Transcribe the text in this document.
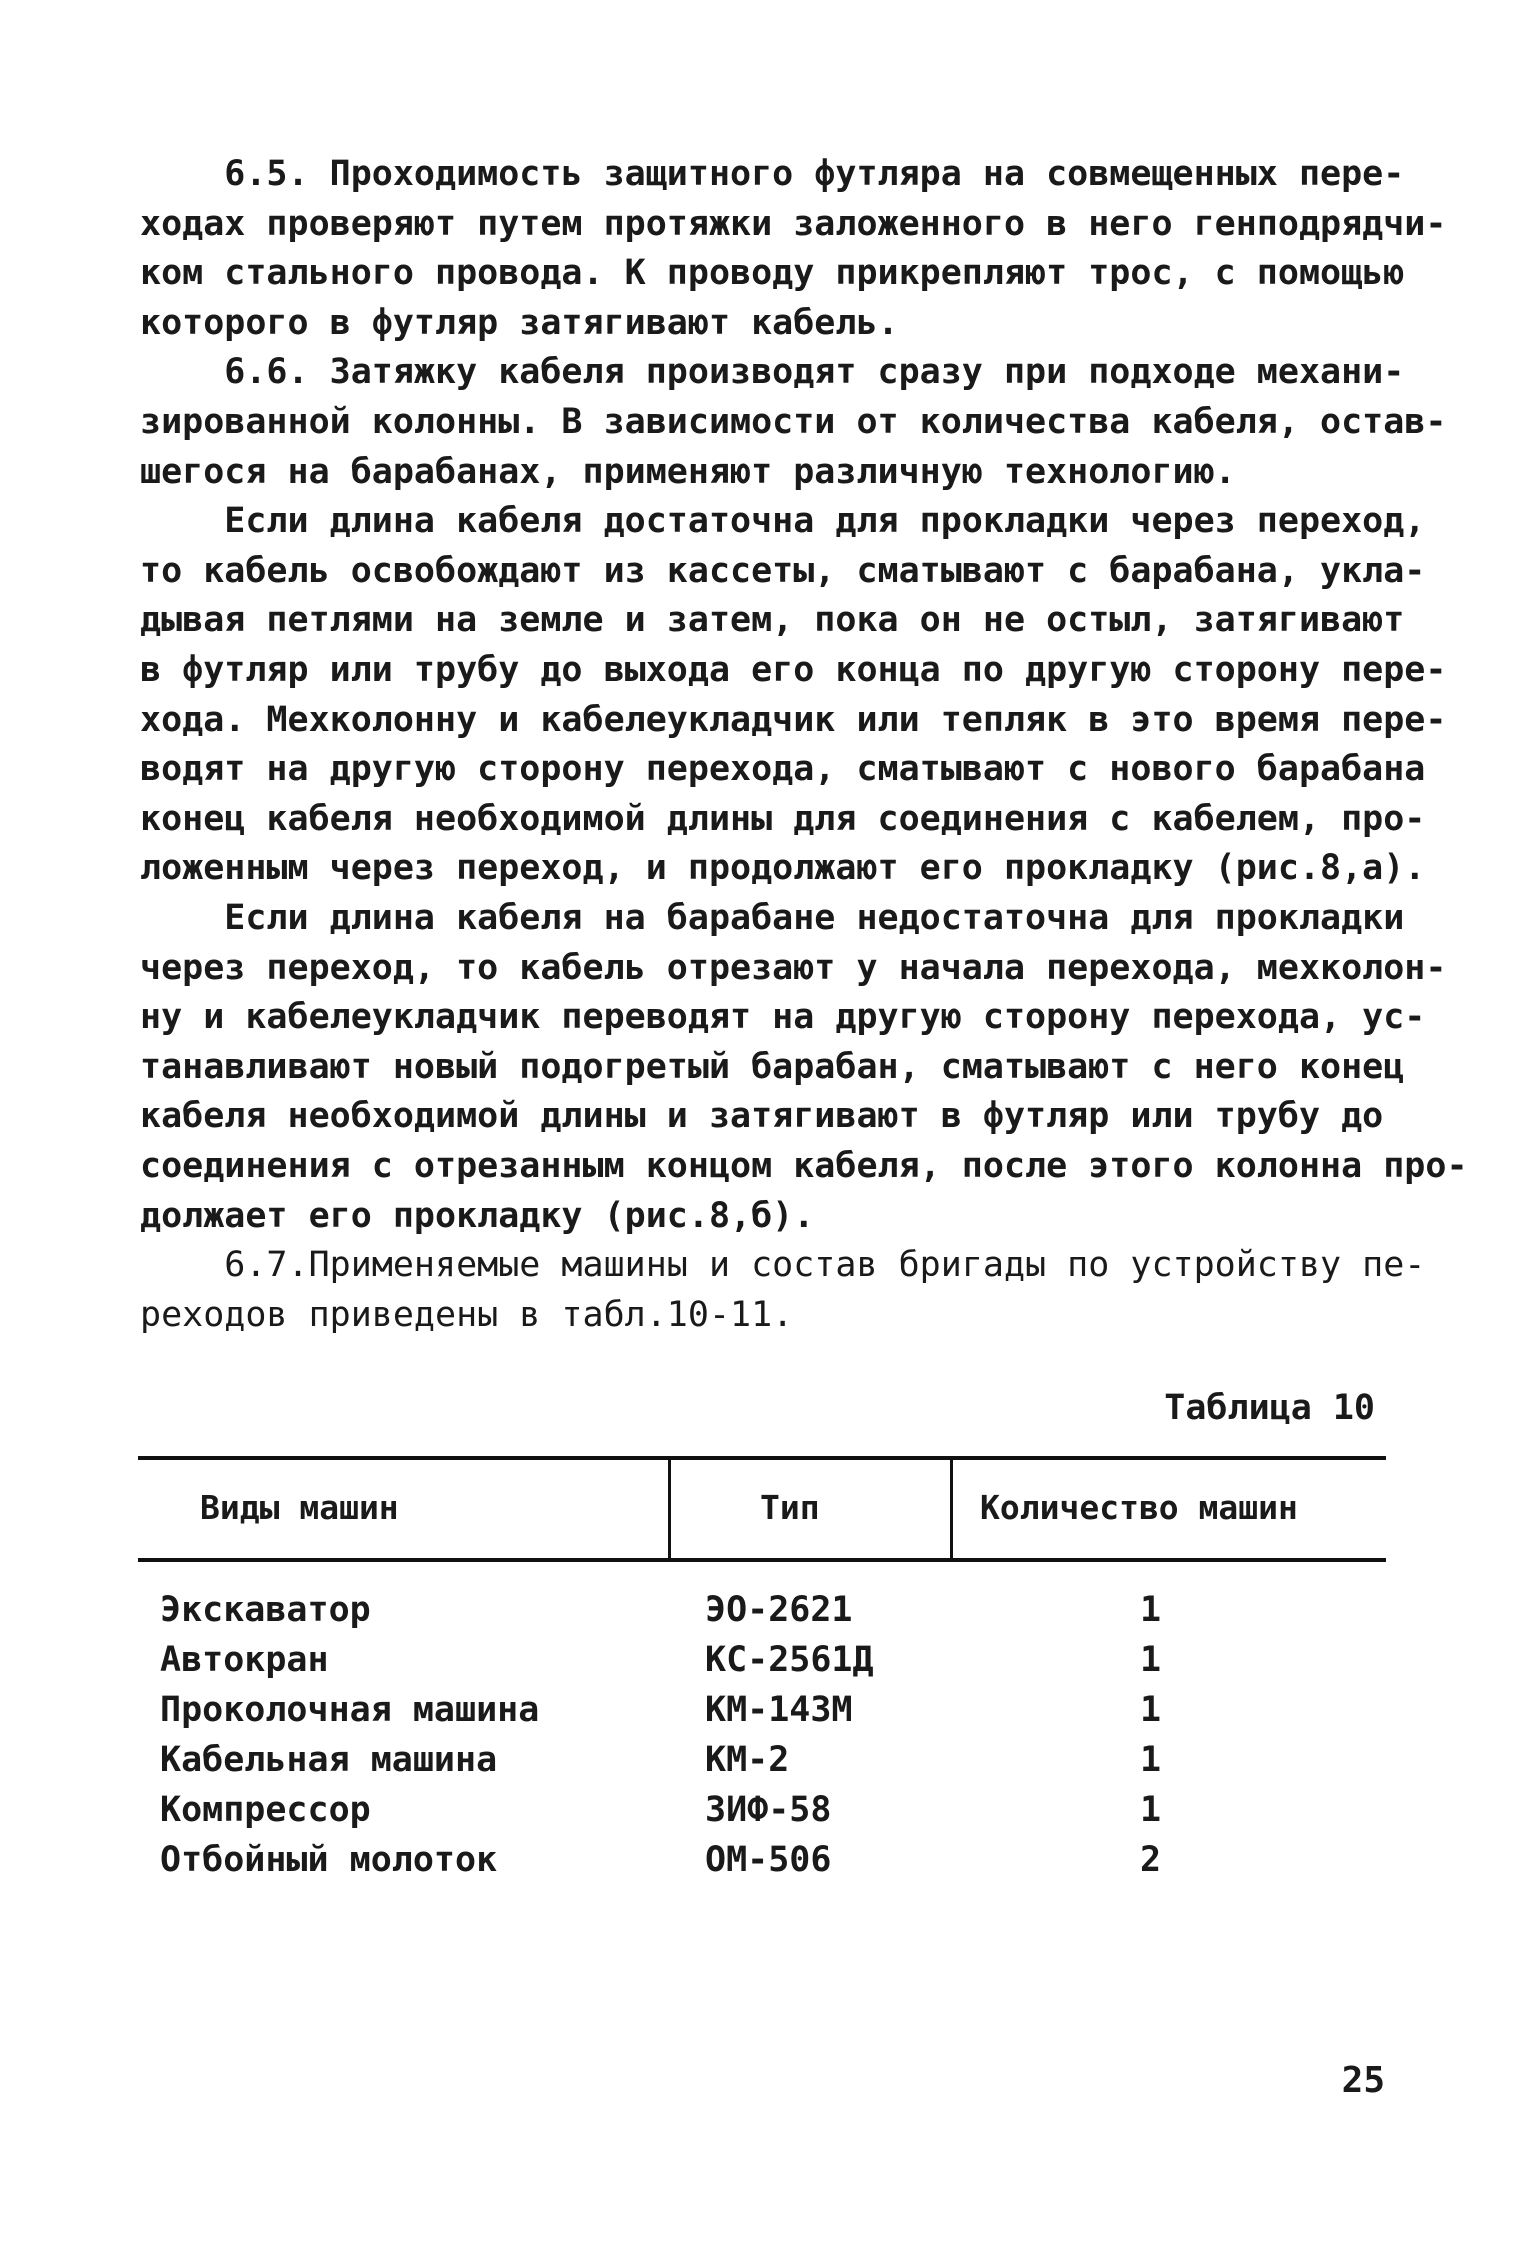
6.5. Проходимость защитного футляра на совмещенных пере-
ходах проверяют путем протяжки заложенного в него генподрядчи-
ком стального провода. К проводу прикрепляют трос, с помощью
которого в футляр затягивают кабель.
6.6. Затяжку кабеля производят сразу при подходе механи-
зированной колонны. В зависимости от количества кабеля, остав-
шегося на барабанах, применяют различную технологию.
Если длина кабеля достаточна для прокладки через переход,
то кабель освобождают из кассеты, сматывают с барабана, укла-
дывая петлями на земле и затем, пока он не остыл, затягивают
в футляр или трубу до выхода его конца по другую сторону пере-
хода. Мехколонну и кабелеукладчик или тепляк в это время пере-
водят на другую сторону перехода, сматывают с нового барабана
конец кабеля необходимой длины для соединения с кабелем, про-
ложенным через переход, и продолжают его прокладку (рис.8,а).
Если длина кабеля на барабане недостаточна для прокладки
через переход, то кабель отрезают у начала перехода, мехколон-
ну и кабелеукладчик переводят на другую сторону перехода, ус-
танавливают новый подогретый барабан, сматывают с него конец
кабеля необходимой длины и затягивают в футляр или трубу до
соединения с отрезанным концом кабеля, после этого колонна про-
должает его прокладку (рис.8,б).
6.7.Применяемые машины и состав бригады по устройству пе-
реходов приведены в табл.10-11.
Таблица 10
Виды машин	Тип	Количество машин
Экскаватор	ЭО-2621	1
Автокран	КС-2561Д	1
Проколочная машина	КМ-143М	1
Кабельная машина	КМ-2	1
Компрессор	ЗИФ-58	1
Отбойный молоток	ОМ-506	2
25
